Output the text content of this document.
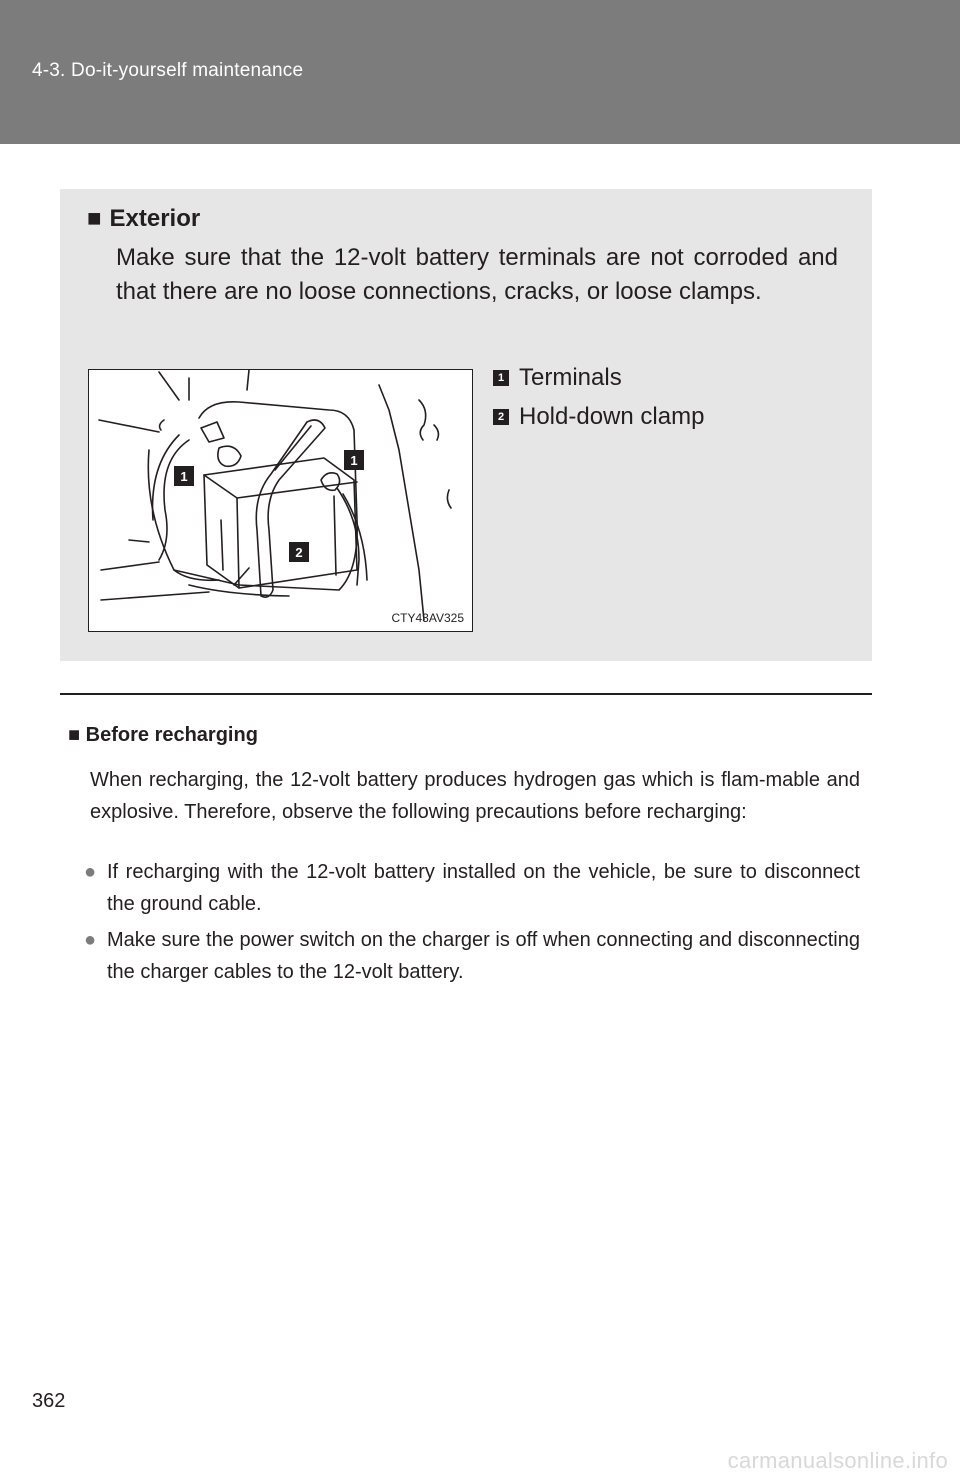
4-3. Do-it-yourself maintenance
■ Exterior
Make sure that the 12-volt battery terminals are not corroded and that there are no loose connections, cracks, or loose clamps.
1 Terminals
2 Hold-down clamp
1
1
2
CTY43AV325
■ Before recharging
When recharging, the 12-volt battery produces hydrogen gas which is flam-mable and explosive. Therefore, observe the following precautions before recharging:
● If recharging with the 12-volt battery installed on the vehicle, be sure to disconnect the ground cable.
● Make sure the power switch on the charger is off when connecting and disconnecting the charger cables to the 12-volt battery.
362
carmanualsonline.info
